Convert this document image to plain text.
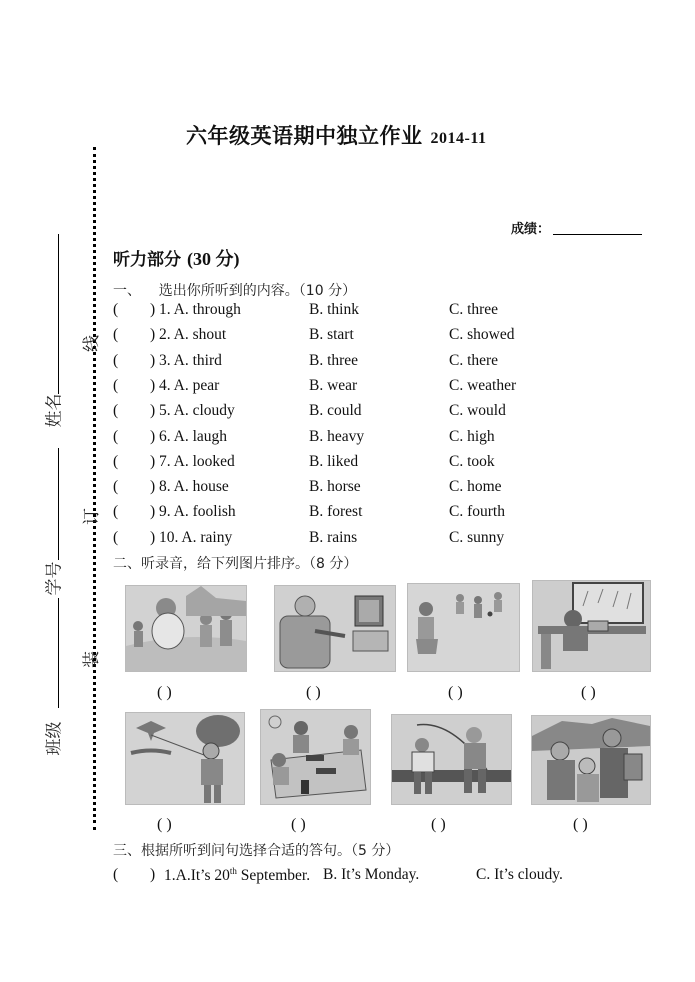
六年级英语期中独立作业 2014-11
成绩：
线
订
装
姓名
学号
班级
听力部分 (30 分)
一、    选出你所听到的内容。（10 分）
( ) 1. A. through	B. think	C. three
( ) 2. A. shout	B. start	C. showed
( ) 3. A. third	B. three	C. there
( ) 4. A. pear	B. wear	C. weather
( ) 5. A. cloudy	B. could	C. would
( ) 6. A. laugh	B. heavy	C. high
( ) 7. A. looked	B. liked	C. took
( ) 8. A. house	B. horse	C. home
( ) 9. A. foolish	B. forest	C. fourth
( ) 10. A. rainy	B. rains	C. sunny
二、听录音，给下列图片排序。（8 分）
( )	( )	( )	( )
( )	( )	( )	( )
三、根据所听到问句选择合适的答句。（5 分）
( ) 1.A.It’s 20th September. B. It’s Monday.	C. It’s cloudy.
